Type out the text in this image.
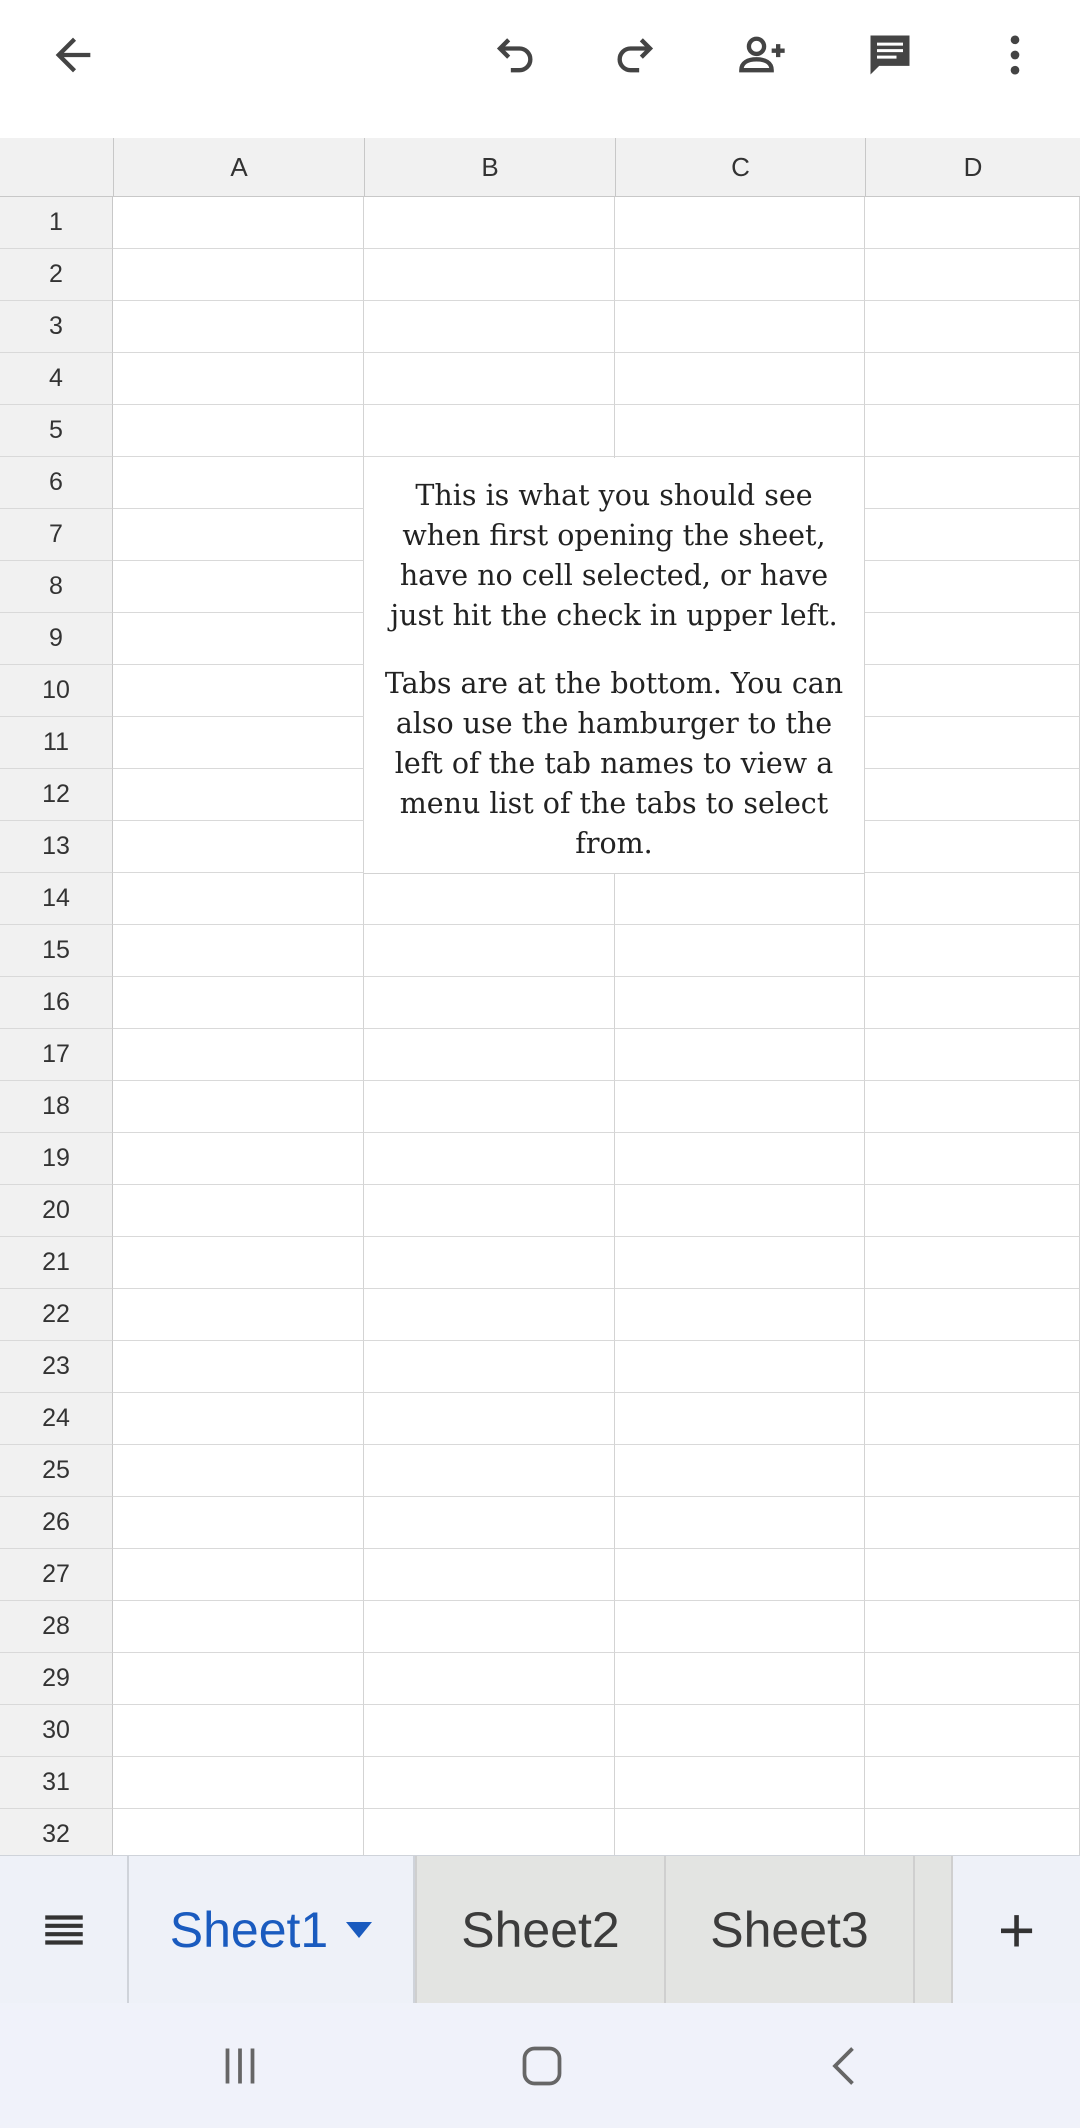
A	B	C	D
1
2
3
4
5
6
7
8
9
10
11
12
13
14
15
16
17
18
19
20
21
22
23
24
25
26
27
28
29
30
31
32

This is what you should see when first opening the sheet, have no cell selected, or have just hit the check in upper left.

Tabs are at the bottom. You can also use the hamburger to the left of the tab names to view a menu list of the tabs to select from.

Sheet1	Sheet2 Sheet3 +
